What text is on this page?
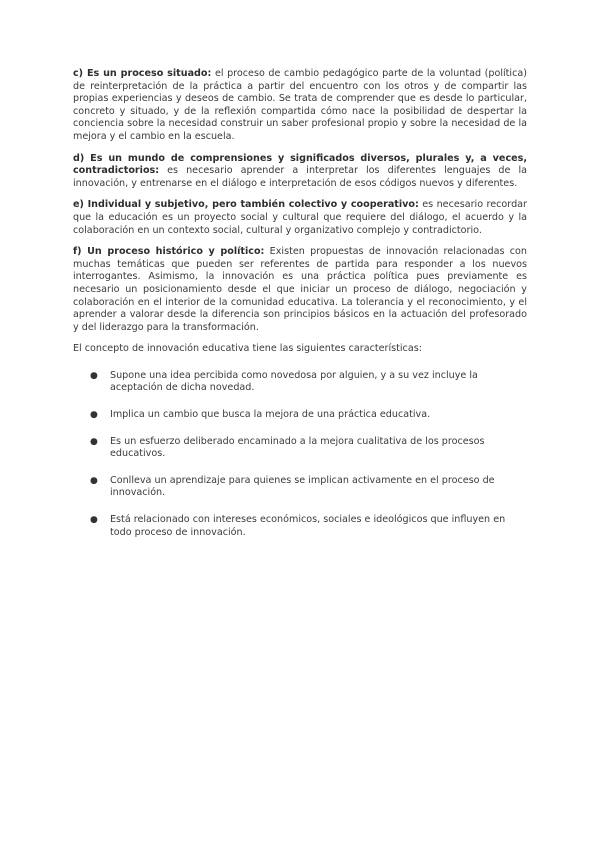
c) Es un proceso situado: el proceso de cambio pedagógico parte de la voluntad (política) de reinterpretación de la práctica a partir del encuentro con los otros y de compartir las propias experiencias y deseos de cambio. Se trata de comprender que es desde lo particular, concreto y situado, y de la reflexión compartida cómo nace la posibilidad de despertar la conciencia sobre la necesidad construir un saber profesional propio y sobre la necesidad de la mejora y el cambio en la escuela.

d) Es un mundo de comprensiones y significados diversos, plurales y, a veces, contradictorios: es necesario aprender a interpretar los diferentes lenguajes de la innovación, y entrenarse en el diálogo e interpretación de esos códigos nuevos y diferentes.

e) Individual y subjetivo, pero también colectivo y cooperativo: es necesario recordar que la educación es un proyecto social y cultural que requiere del diálogo, el acuerdo y la colaboración en un contexto social, cultural y organizativo complejo y contradictorio.

f) Un proceso histórico y político: Existen propuestas de innovación relacionadas con muchas temáticas que pueden ser referentes de partida para responder a los nuevos interrogantes. Asimismo, la innovación es una práctica política pues previamente es necesario un posicionamiento desde el que iniciar un proceso de diálogo, negociación y colaboración en el interior de la comunidad educativa. La tolerancia y el reconocimiento, y el aprender a valorar desde la diferencia son principios básicos en la actuación del profesorado y del liderazgo para la transformación.

El concepto de innovación educativa tiene las siguientes características:

● Supone una idea percibida como novedosa por alguien, y a su vez incluye la aceptación de dicha novedad.
● Implica un cambio que busca la mejora de una práctica educativa.
● Es un esfuerzo deliberado encaminado a la mejora cualitativa de los procesos educativos.
● Conlleva un aprendizaje para quienes se implican activamente en el proceso de innovación.
● Está relacionado con intereses económicos, sociales e ideológicos que influyen en todo proceso de innovación.
